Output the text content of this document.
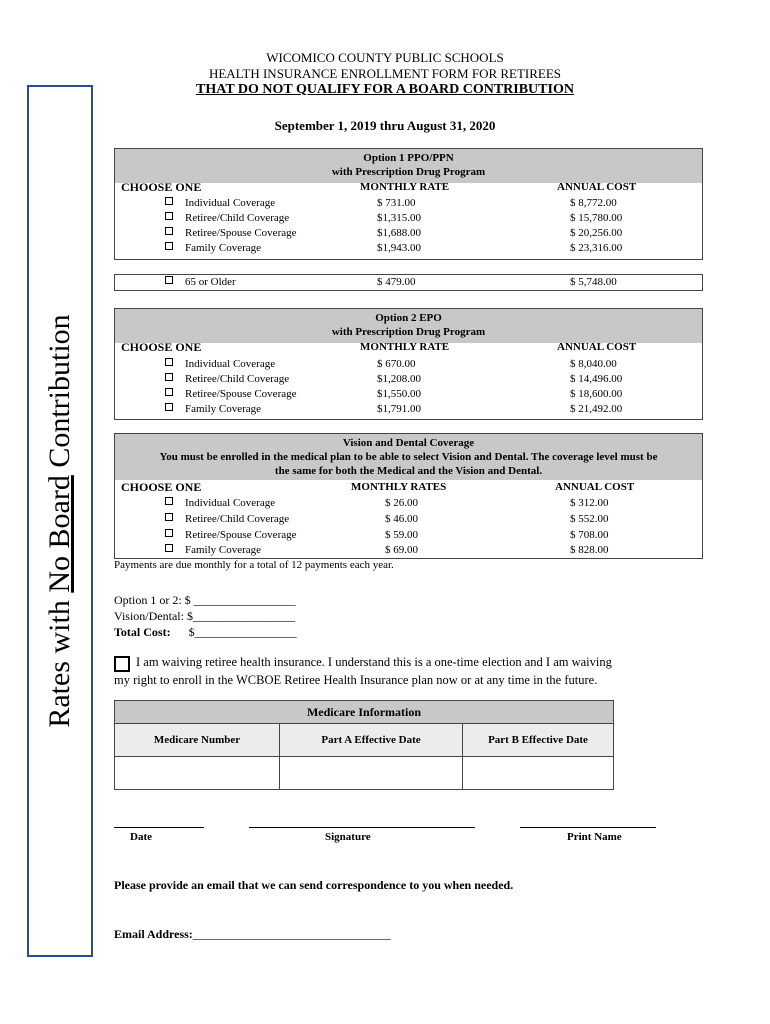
Rates with No Board Contribution
WICOMICO COUNTY PUBLIC SCHOOLS
HEALTH INSURANCE ENROLLMENT FORM FOR RETIREES
THAT DO NOT QUALIFY FOR A BOARD CONTRIBUTION
September 1, 2019 thru August 31, 2020
Option 1 PPO/PPN
with Prescription Drug Program
CHOOSE ONE	MONTHLY RATE	ANNUAL COST
Individual Coverage	$ 731.00	$ 8,772.00
Retiree/Child Coverage	$1,315.00	$ 15,780.00
Retiree/Spouse Coverage	$1,688.00	$ 20,256.00
Family Coverage	$1,943.00	$ 23,316.00
65 or Older	$ 479.00	$ 5,748.00
Option 2 EPO
with Prescription Drug Program
CHOOSE ONE	MONTHLY RATE	ANNUAL COST
Individual Coverage	$ 670.00	$ 8,040.00
Retiree/Child Coverage	$1,208.00	$ 14,496.00
Retiree/Spouse Coverage	$1,550.00	$ 18,600.00
Family Coverage	$1,791.00	$ 21,492.00
Vision and Dental Coverage
You must be enrolled in the medical plan to be able to select Vision and Dental. The coverage level must be
the same for both the Medical and the Vision and Dental.
CHOOSE ONE	MONTHLY RATES	ANNUAL COST
Individual Coverage	$ 26.00	$ 312.00
Retiree/Child Coverage	$ 46.00	$ 552.00
Retiree/Spouse Coverage	$ 59.00	$ 708.00
Family Coverage	$ 69.00	$ 828.00
Payments are due monthly for a total of 12 payments each year.
Option 1 or 2: $ _________________
Vision/Dental: $_________________
Total Cost: $_________________
I am waiving retiree health insurance. I understand this is a one-time election and I am waiving
my right to enroll in the WCBOE Retiree Health Insurance plan now or at any time in the future.
Medicare Information		
Medicare Number	Part A Effective Date	Part B Effective Date

Date	Signature	Print Name
Please provide an email that we can send correspondence to you when needed.
Email Address:_________________________________
